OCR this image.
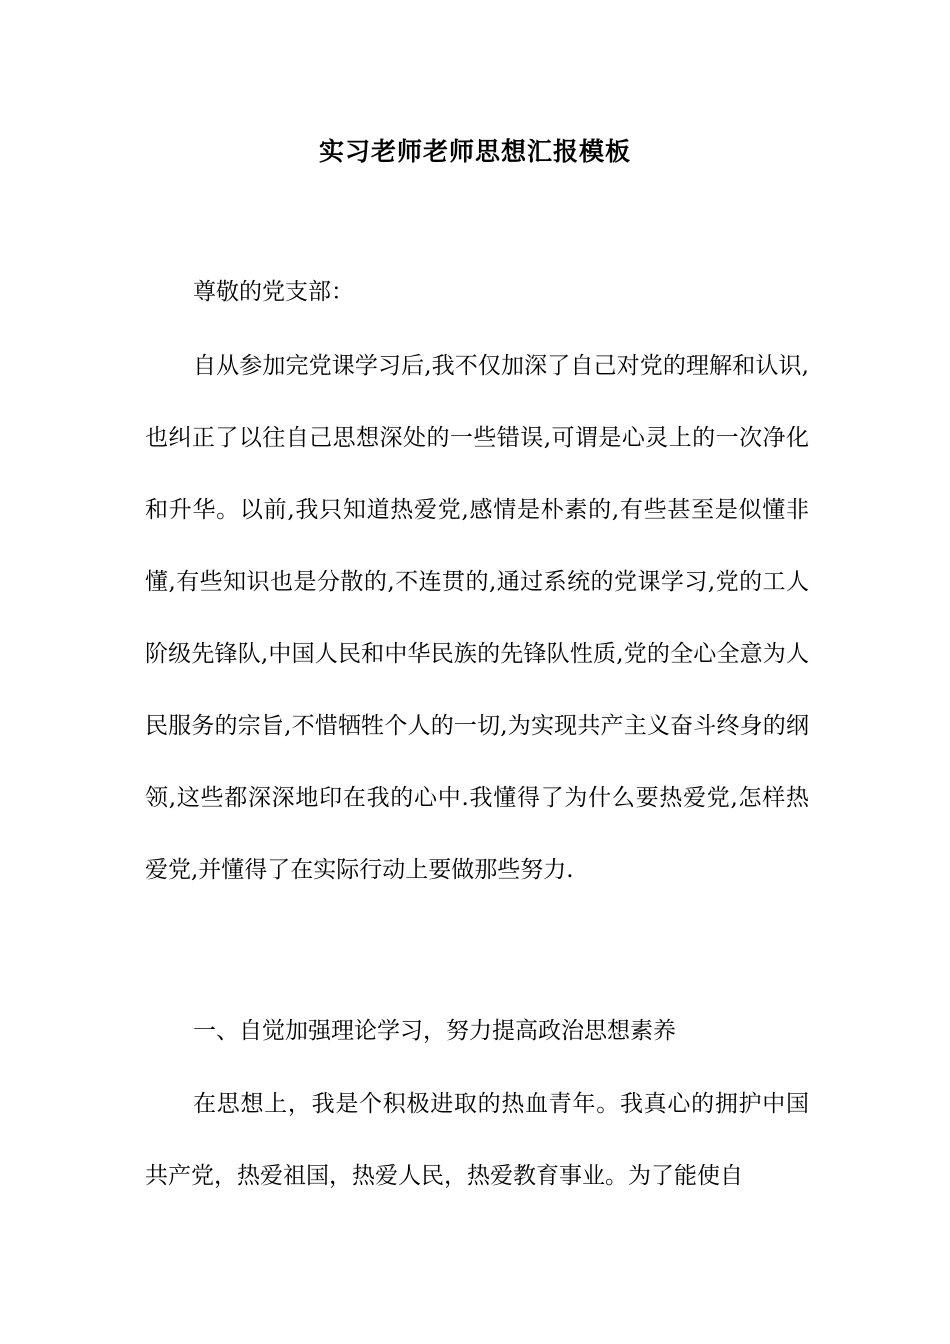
实习老师老师思想汇报模板

尊敬的党支部：

自从参加完党课学习后,我不仅加深了自己对党的理解和认识,也纠正了以往自己思想深处的一些错误,可谓是心灵上的一次净化和升华。以前,我只知道热爱党,感情是朴素的,有些甚至是似懂非懂,有些知识也是分散的,不连贯的,通过系统的党课学习,党的工人阶级先锋队,中国人民和中华民族的先锋队性质,党的全心全意为人民服务的宗旨,不惜牺牲个人的一切,为实现共产主义奋斗终身的纲领,这些都深深地印在我的心中.我懂得了为什么要热爱党,怎样热爱党,并懂得了在实际行动上要做那些努力.

一、自觉加强理论学习，努力提高政治思想素养

在思想上，我是个积极进取的热血青年。我真心的拥护中国共产党，热爱祖国，热爱人民，热爱教育事业。为了能使自
